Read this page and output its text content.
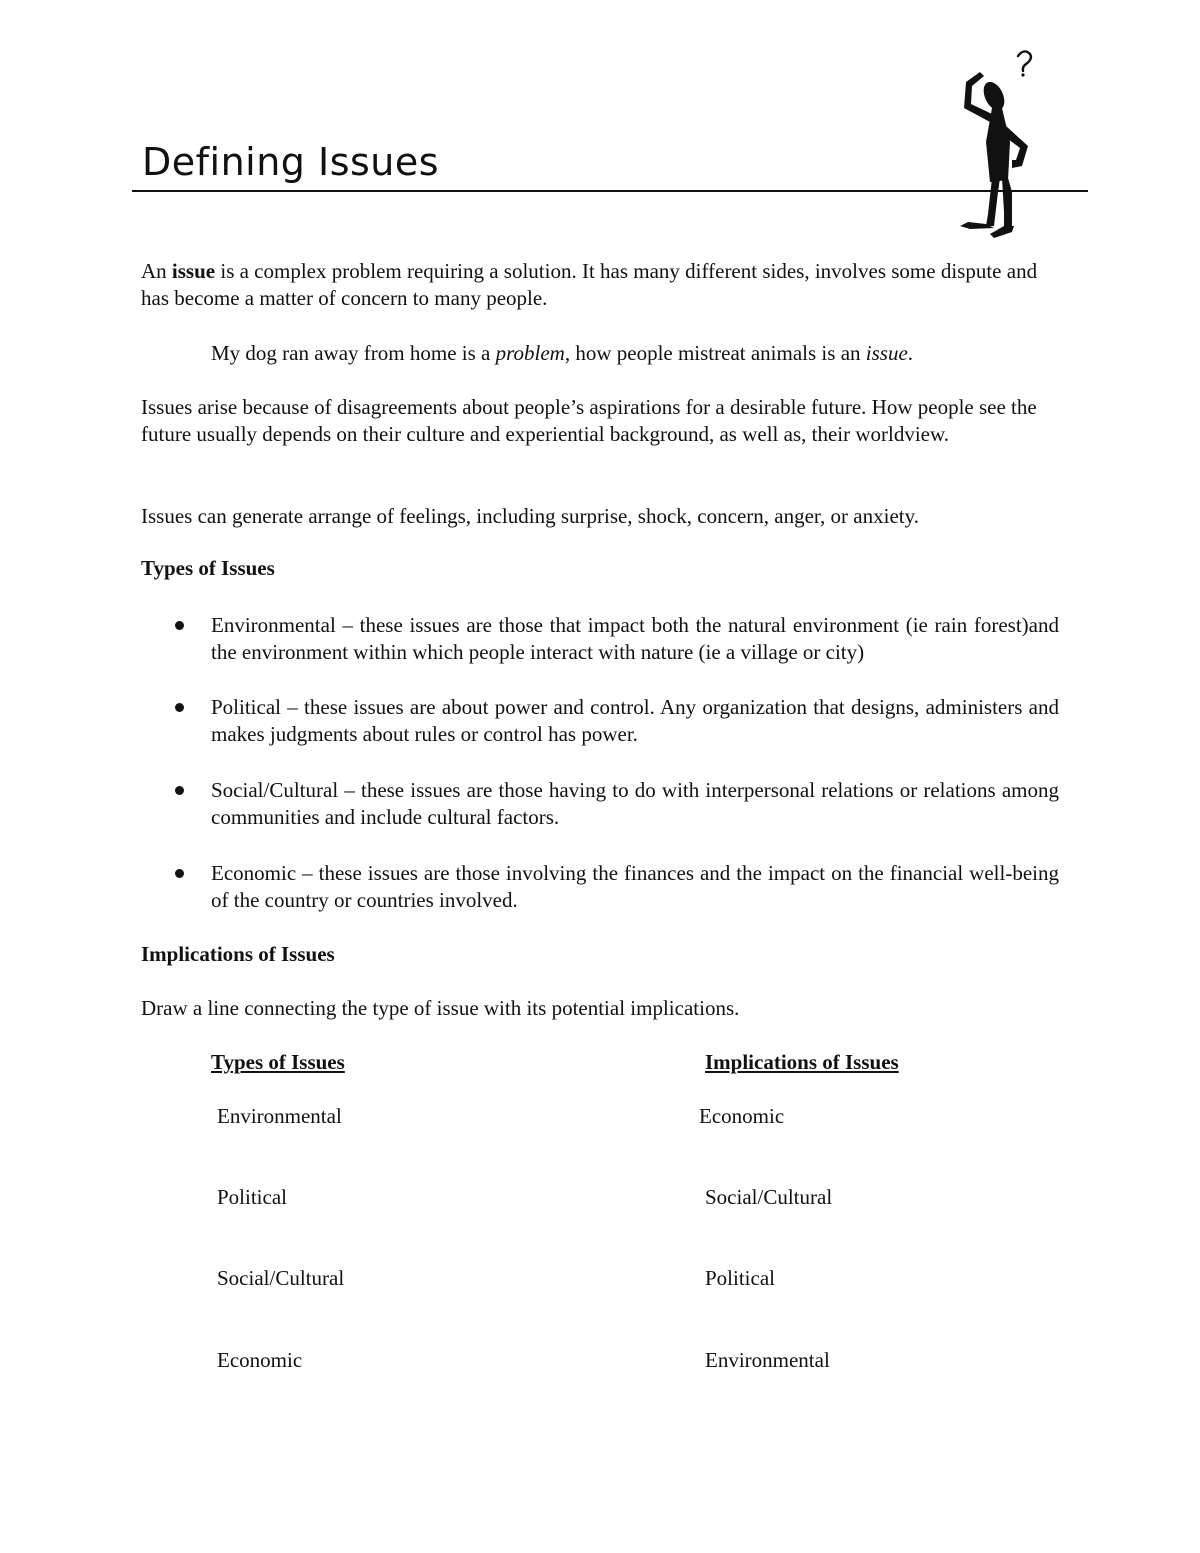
Defining Issues

An issue is a complex problem requiring a solution. It has many different sides, involves some dispute and has become a matter of concern to many people.

My dog ran away from home is a problem, how people mistreat animals is an issue.

Issues arise because of disagreements about people’s aspirations for a desirable future. How people see the future usually depends on their culture and experiential background, as well as, their worldview.

Issues can generate arrange of feelings, including surprise, shock, concern, anger, or anxiety.

Types of Issues
Environmental – these issues are those that impact both the natural environment (ie rain forest)and the environment within which people interact with nature (ie a village or city)
Political – these issues are about power and control. Any organization that designs, administers and makes judgments about rules or control has power.
Social/Cultural – these issues are those having to do with interpersonal relations or relations among communities and include cultural factors.
Economic – these issues are those involving the finances and the impact on the financial well-being of the country or countries involved.
Implications of Issues

Draw a line connecting the type of issue with its potential implications.

Types of Issues	Implications of Issues

Environmental

Political

Social/Cultural

Economic

Economic

Social/Cultural

Political

Environmental
